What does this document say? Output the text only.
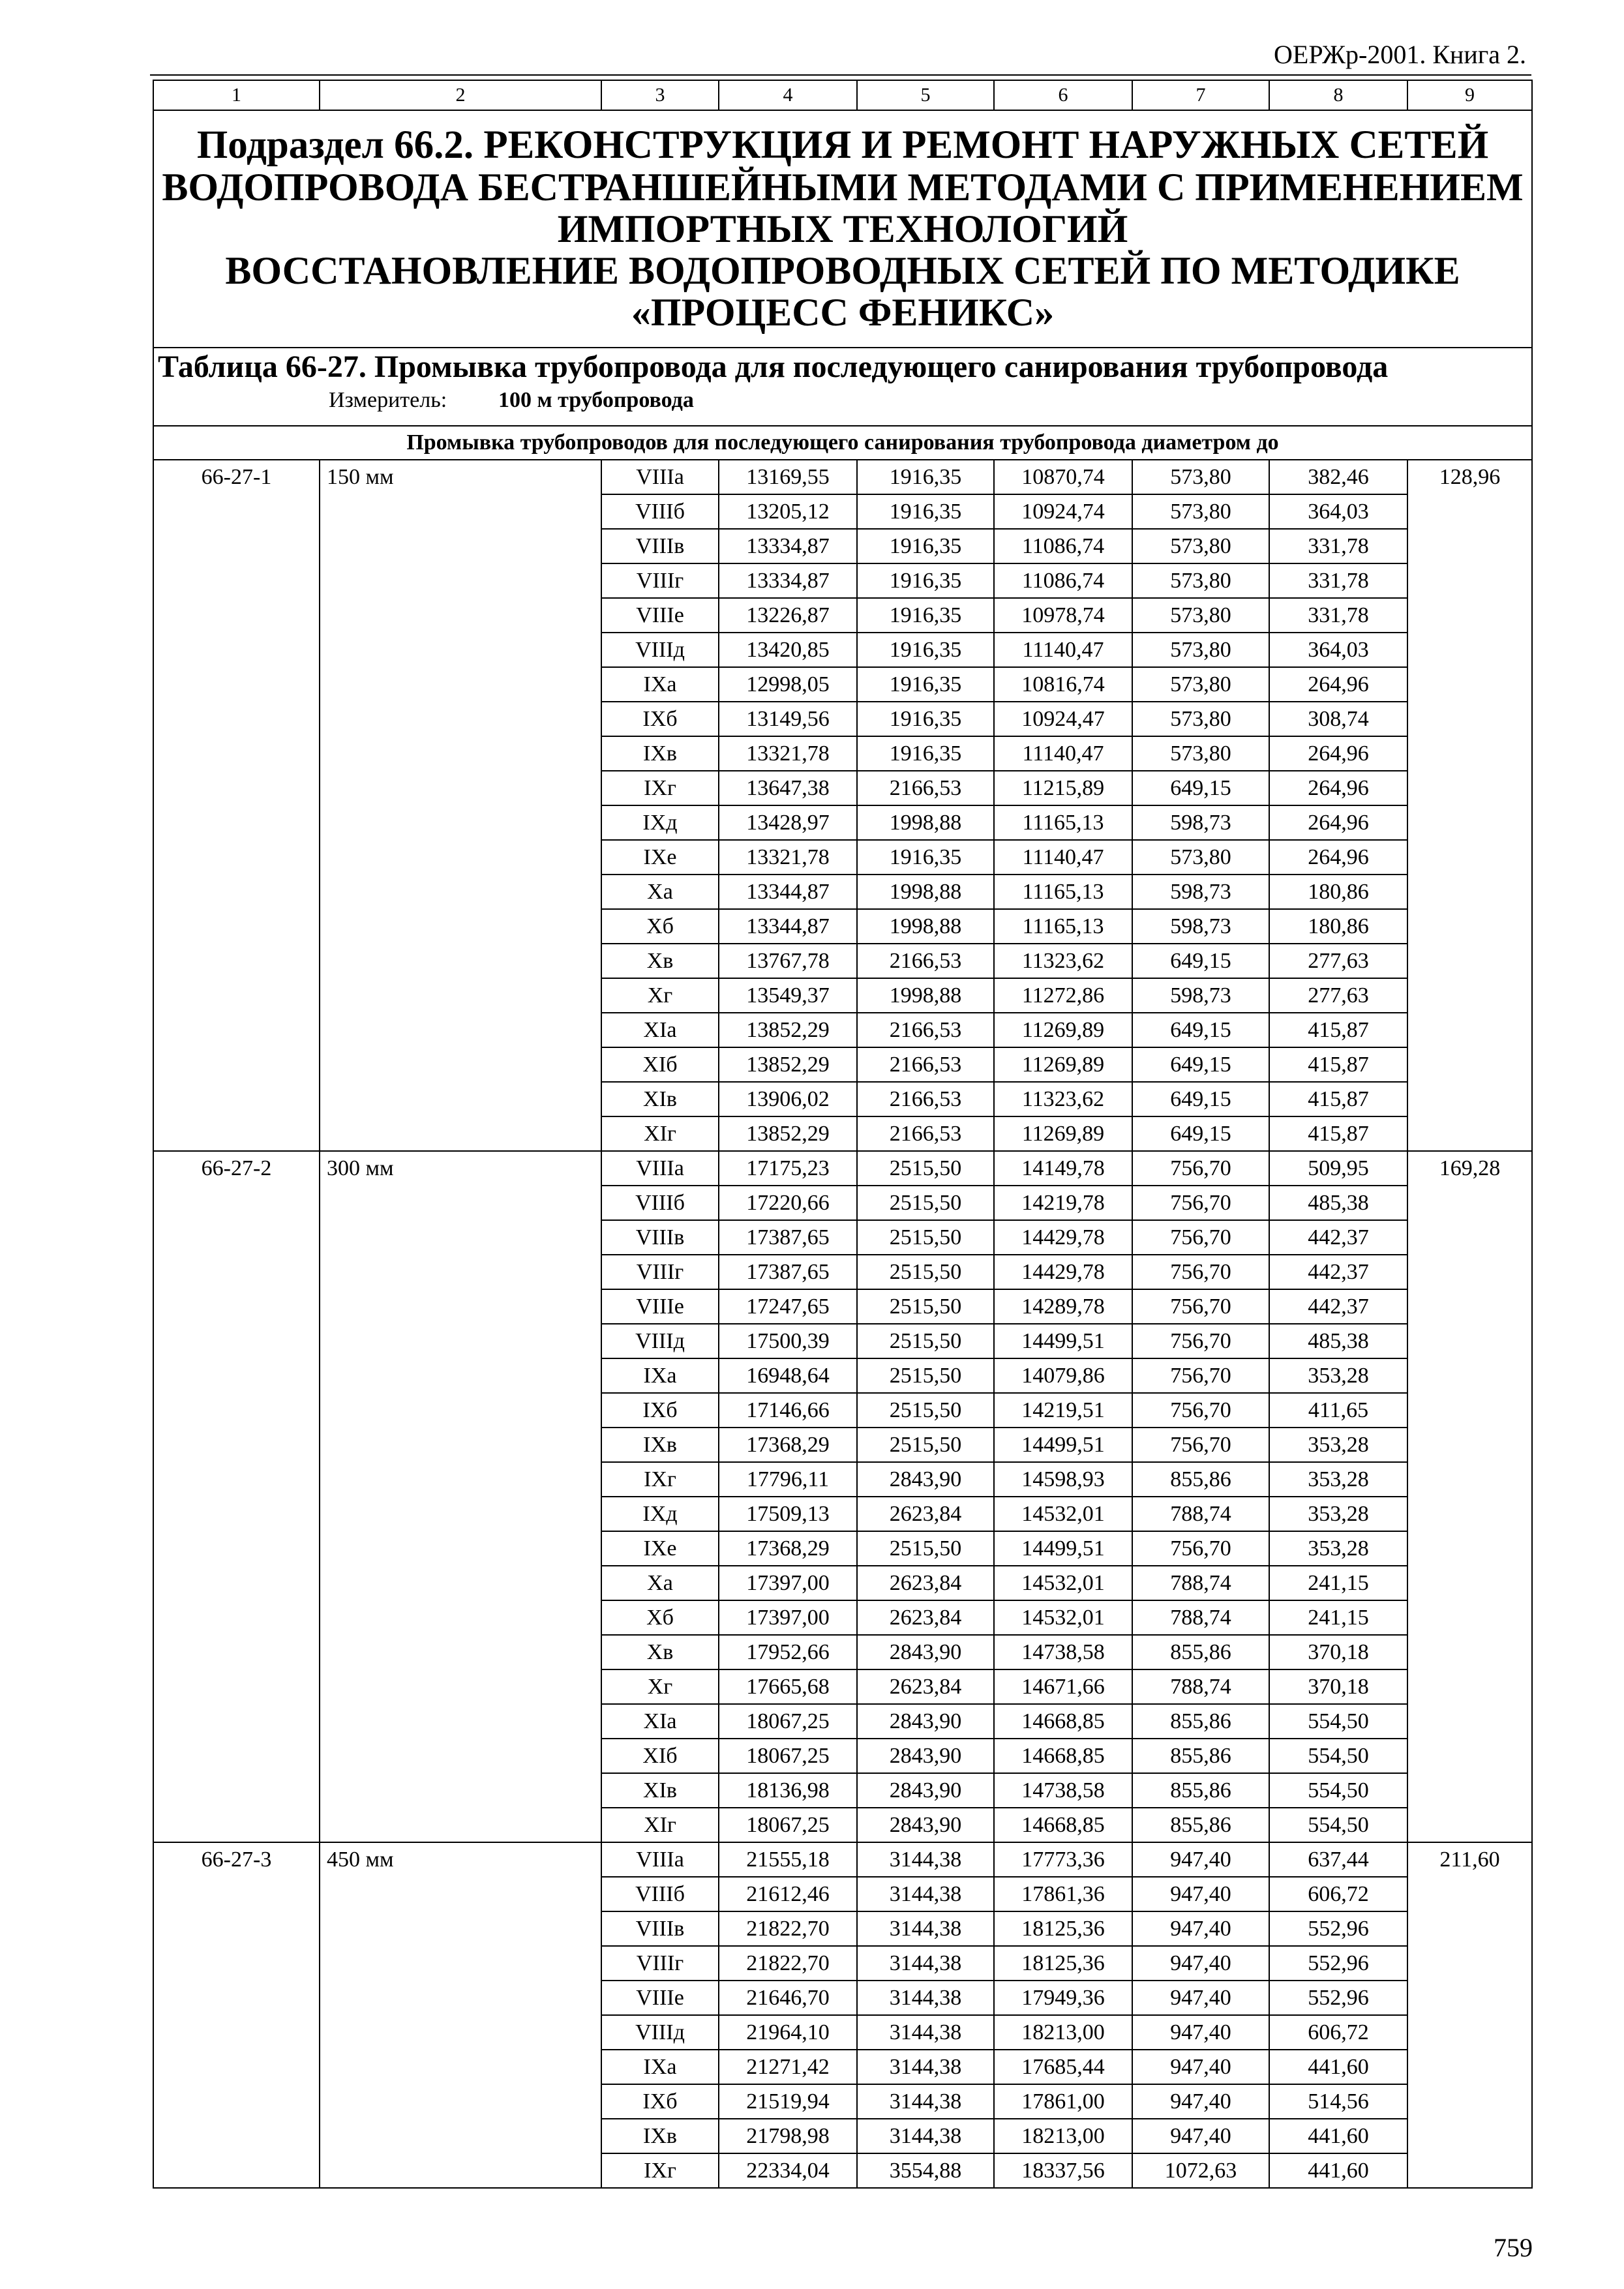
ОЕРЖр-2001. Книга 2.
1	2	3	4	5	6	7	8	9

Подраздел 66.2. РЕКОНСТРУКЦИЯ И РЕМОНТ НАРУЖНЫХ СЕТЕЙ
ВОДОПРОВОДА БЕСТРАНШЕЙНЫМИ МЕТОДАМИ С ПРИМЕНЕНИЕМ
ИМПОРТНЫХ ТЕХНОЛОГИЙ
ВОССТАНОВЛЕНИЕ ВОДОПРОВОДНЫХ СЕТЕЙ ПО МЕТОДИКЕ
«ПРОЦЕСС ФЕНИКС»								

Таблица 66-27. Промывка трубопровода для последующего санирования трубопровода
Измеритель: 100 м трубопровода								

Промывка трубопроводов для последующего санирования трубопровода диаметром до								
66-27-1	150 мм	VIIIа	13169,55	1916,35	10870,74	573,80	382,46	128,96
		VIIIб	13205,12	1916,35	10924,74	573,80	364,03	
		VIIIв	13334,87	1916,35	11086,74	573,80	331,78	
		VIIIг	13334,87	1916,35	11086,74	573,80	331,78	
		VIIIе	13226,87	1916,35	10978,74	573,80	331,78	
		VIIIд	13420,85	1916,35	11140,47	573,80	364,03	
		IXа	12998,05	1916,35	10816,74	573,80	264,96	
		IXб	13149,56	1916,35	10924,47	573,80	308,74	
		IXв	13321,78	1916,35	11140,47	573,80	264,96	
		IXг	13647,38	2166,53	11215,89	649,15	264,96	
		IXд	13428,97	1998,88	11165,13	598,73	264,96	
		IXе	13321,78	1916,35	11140,47	573,80	264,96	
		Xа	13344,87	1998,88	11165,13	598,73	180,86	
		Xб	13344,87	1998,88	11165,13	598,73	180,86	
		Xв	13767,78	2166,53	11323,62	649,15	277,63	
		Xг	13549,37	1998,88	11272,86	598,73	277,63	
		XIа	13852,29	2166,53	11269,89	649,15	415,87	
		XIб	13852,29	2166,53	11269,89	649,15	415,87	
		XIв	13906,02	2166,53	11323,62	649,15	415,87	
		XIг	13852,29	2166,53	11269,89	649,15	415,87	
66-27-2	300 мм	VIIIа	17175,23	2515,50	14149,78	756,70	509,95	169,28
		VIIIб	17220,66	2515,50	14219,78	756,70	485,38	
		VIIIв	17387,65	2515,50	14429,78	756,70	442,37	
		VIIIг	17387,65	2515,50	14429,78	756,70	442,37	
		VIIIе	17247,65	2515,50	14289,78	756,70	442,37	
		VIIIд	17500,39	2515,50	14499,51	756,70	485,38	
		IXа	16948,64	2515,50	14079,86	756,70	353,28	
		IXб	17146,66	2515,50	14219,51	756,70	411,65	
		IXв	17368,29	2515,50	14499,51	756,70	353,28	
		IXг	17796,11	2843,90	14598,93	855,86	353,28	
		IXд	17509,13	2623,84	14532,01	788,74	353,28	
		IXе	17368,29	2515,50	14499,51	756,70	353,28	
		Xа	17397,00	2623,84	14532,01	788,74	241,15	
		Xб	17397,00	2623,84	14532,01	788,74	241,15	
		Xв	17952,66	2843,90	14738,58	855,86	370,18	
		Xг	17665,68	2623,84	14671,66	788,74	370,18	
		XIа	18067,25	2843,90	14668,85	855,86	554,50	
		XIб	18067,25	2843,90	14668,85	855,86	554,50	
		XIв	18136,98	2843,90	14738,58	855,86	554,50	
		XIг	18067,25	2843,90	14668,85	855,86	554,50	
66-27-3	450 мм	VIIIа	21555,18	3144,38	17773,36	947,40	637,44	211,60
		VIIIб	21612,46	3144,38	17861,36	947,40	606,72	
		VIIIв	21822,70	3144,38	18125,36	947,40	552,96	
		VIIIг	21822,70	3144,38	18125,36	947,40	552,96	
		VIIIе	21646,70	3144,38	17949,36	947,40	552,96	
		VIIIд	21964,10	3144,38	18213,00	947,40	606,72	
		IXа	21271,42	3144,38	17685,44	947,40	441,60	
		IXб	21519,94	3144,38	17861,00	947,40	514,56	
		IXв	21798,98	3144,38	18213,00	947,40	441,60	
		IXг	22334,04	3554,88	18337,56	1072,63	441,60	
759
